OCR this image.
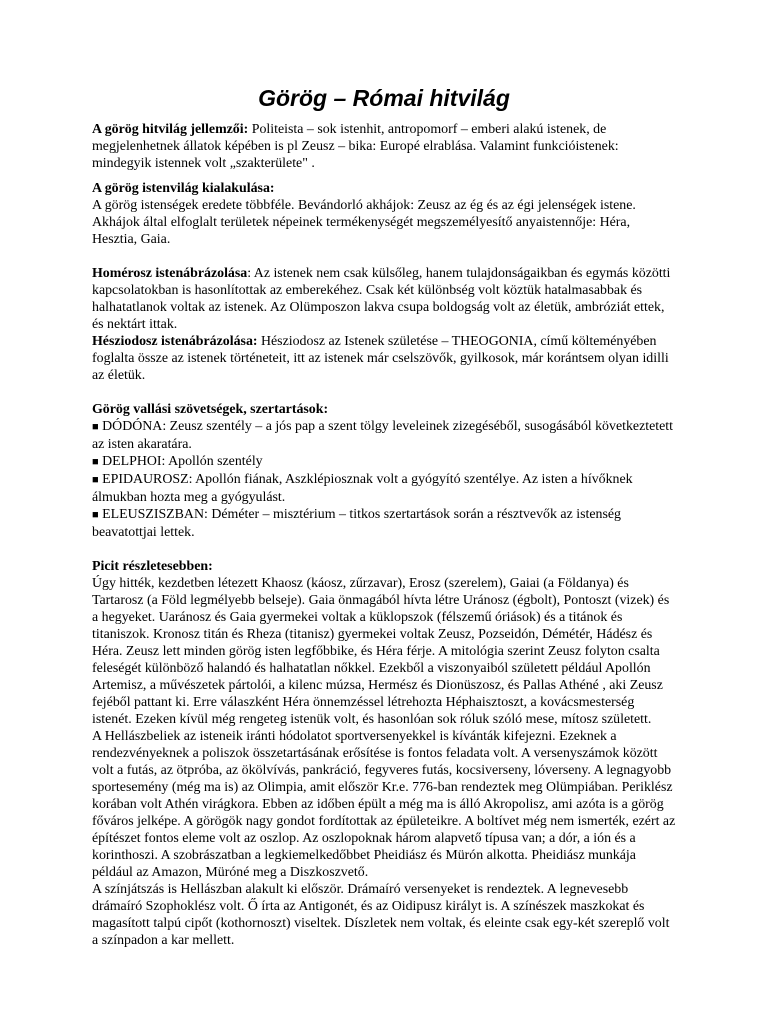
Görög – Római hitvilág

A görög hitvilág jellemzői: Politeista – sok istenhit, antropomorf – emberi alakú istenek, de megjelenhetnek állatok képében is pl Zeusz – bika: Europé elrablása. Valamint funkcióistenek: mindegyik istennek volt „szakterülete" .

A görög istenvilág kialakulása:

A görög istenségek eredete többféle. Bevándorló akhájok: Zeusz az ég és az égi jelenségek istene. Akhájok által elfoglalt területek népeinek termékenységét megszemélyesítő anyaistennője: Héra, Hesztia, Gaia.

Homérosz istenábrázolása: Az istenek nem csak külsőleg, hanem tulajdonságaikban és egymás közötti kapcsolatokban is hasonlítottak az emberekéhez. Csak két különbség volt köztük hatalmasabbak és halhatatlanok voltak az istenek. Az Olümposzon lakva csupa boldogság volt az életük, ambróziát ettek, és nektárt ittak.

Hésziodosz istenábrázolása: Hésziodosz az Istenek születése – THEOGONIA, című költeményében foglalta össze az istenek történeteit, itt az istenek már cselszövők, gyilkosok, már korántsem olyan idilli az életük.

Görög vallási szövetségek, szertartások:

■ DÓDÓNA: Zeusz szentély – a jós pap a szent tölgy leveleinek zizegéséből, susogásából következtetett az isten akaratára.
■ DELPHOI: Apollón szentély
■ EPIDAUROSZ: Apollón fiának, Aszklépiosznak volt a gyógyító szentélye. Az isten a hívőknek álmukban hozta meg a gyógyulást.
■ ELEUSZISZBAN: Déméter – misztérium – titkos szertartások során a résztvevők az istenség beavatottjai lettek.

Picit részletesebben:

Úgy hitték, kezdetben létezett Khaosz (káosz, zűrzavar), Erosz (szerelem), Gaiai (a Földanya) és Tartarosz (a Föld legmélyebb belseje). Gaia önmagából hívta létre Uránosz (égbolt), Pontoszt (vizek) és a hegyeket. Uaránosz és Gaia gyermekei voltak a küklopszok (félszemű óriások) és a titánok és titaniszok. Kronosz titán és Rheza (titanisz) gyermekei voltak Zeusz, Pozseidón, Démétér, Hádész és Héra. Zeusz lett minden görög isten legfőbbike, és Héra férje. A mitológia szerint Zeusz folyton csalta feleségét különböző halandó és halhatatlan nőkkel. Ezekből a viszonyaiból született például Apollón Artemisz, a művészetek pártolói, a kilenc múzsa, Hermész és Dionüszosz, és Pallas Athéné , aki Zeusz fejéből pattant ki. Erre válaszként Héra önnemzéssel létrehozta Héphaisztoszt, a kovácsmesterség istenét. Ezeken kívül még rengeteg istenük volt, és hasonlóan sok róluk szóló mese, mítosz született.

A Hellászbeliek az isteneik iránti hódolatot sportversenyekkel is kívánták kifejezni. Ezeknek a rendezvényeknek a poliszok összetartásának erősítése is fontos feladata volt. A versenyszámok között volt a futás, az ötpróba, az ökölvívás, pankráció, fegyveres futás, kocsiverseny, lóverseny. A legnagyobb sportesemény (még ma is) az Olimpia, amit először Kr.e. 776-ban rendeztek meg Olümpiában. Periklész korában volt Athén virágkora. Ebben az időben épült a még ma is álló Akropolisz, ami azóta is a görög főváros jelképe. A görögök nagy gondot fordítottak az épületeikre. A boltívet még nem ismerték, ezért az építészet fontos eleme volt az oszlop. Az oszlopoknak három alapvető típusa van; a dór, a ión és a korinthoszi. A szobrászatban a legkiemelkedőbbet Pheidiász és Mürón alkotta. Pheidiász munkája például az Amazon, Müróné meg a Diszkoszvető.

A színjátszás is Hellászban alakult ki először. Drámaíró versenyeket is rendeztek. A legnevesebb drámaíró Szophoklész volt. Ő írta az Antigonét, és az Oidipusz királyt is. A színészek maszkokat és magasított talpú cipőt (kothornoszt) viseltek. Díszletek nem voltak, és eleinte csak egy-két szereplő volt a színpadon a kar mellett.
